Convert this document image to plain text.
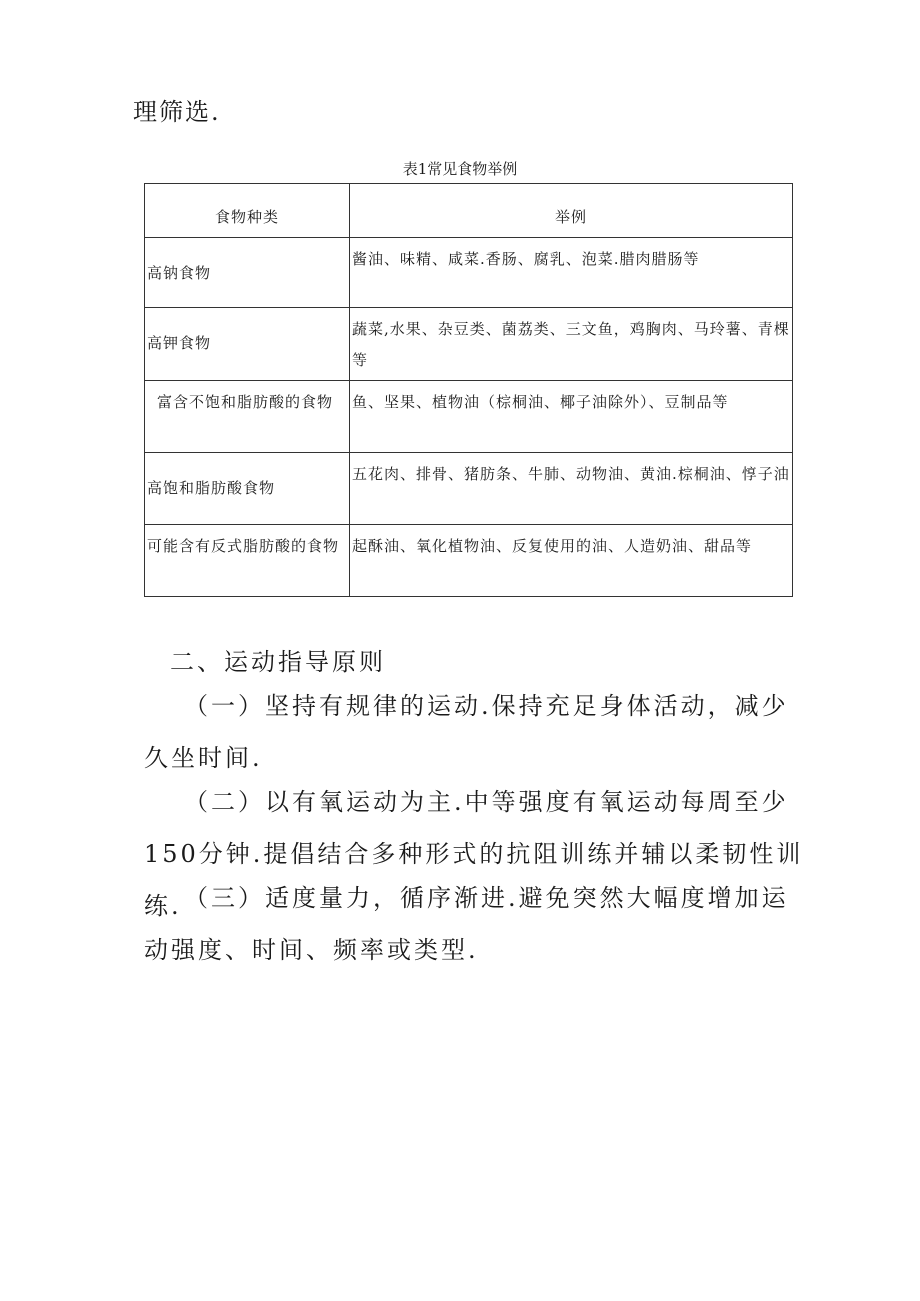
理筛选.

表1常见食物举例

食物种类	举例
高钠食物	酱油、味精、咸菜.香肠、腐乳、泡菜.腊肉腊肠等
高钾食物	蔬菜,水果、杂豆类、菌荔类、三文鱼，鸡胸肉、马玲薯、青棵等
富含不饱和脂肪酸的食物	鱼、坚果、植物油（棕桐油、椰子油除外）、豆制品等
高饱和脂肪酸食物	五花肉、排骨、猪肪条、牛肺、动物油、黄油.棕桐油、惇子油
可能含有反式脂肪酸的食物	起酥油、氧化植物油、反复使用的油、人造奶油、甜品等

二、运动指导原则

（一）坚持有规律的运动.保持充足身体活动，减少久坐时间.

（二）以有氧运动为主.中等强度有氧运动每周至少150分钟.提倡结合多种形式的抗阻训练并辅以柔韧性训练. （三）适度量力，循序渐进.避免突然大幅度增加运动强度、时间、频率或类型.
